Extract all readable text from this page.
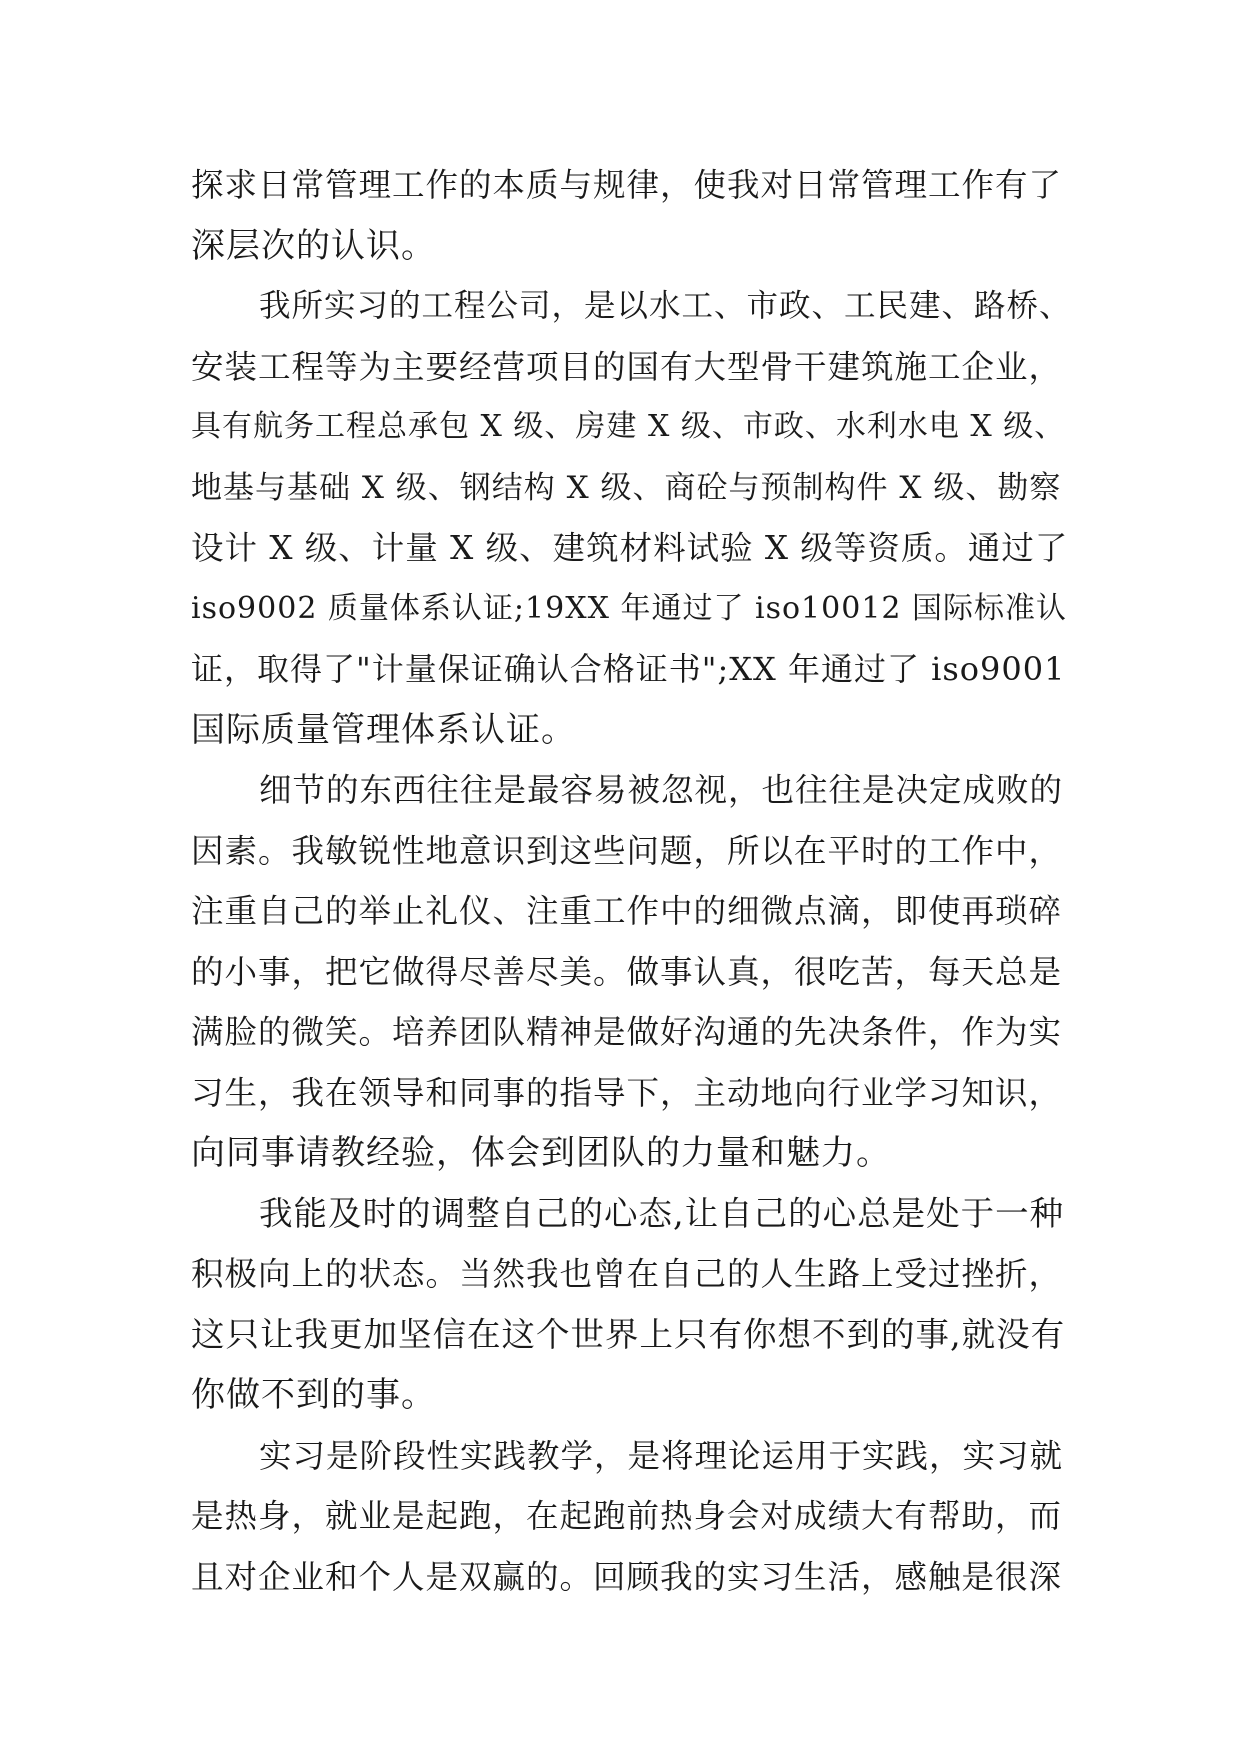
探求日常管理工作的本质与规律，使我对日常管理工作有了
深层次的认识。
我所实习的工程公司，是以水工、市政、工民建、路桥、
安装工程等为主要经营项目的国有大型骨干建筑施工企业，
具有航务工程总承包 X 级、房建 X 级、市政、水利水电 X 级、
地基与基础 X 级、钢结构 X 级、商砼与预制构件 X 级、勘察
设计 X 级、计量 X 级、建筑材料试验 X 级等资质。通过了
iso9002 质量体系认证;19XX 年通过了 iso10012 国际标准认
证，取得了"计量保证确认合格证书";XX 年通过了 iso9001
国际质量管理体系认证。
细节的东西往往是最容易被忽视，也往往是决定成败的
因素。我敏锐性地意识到这些问题，所以在平时的工作中，
注重自己的举止礼仪、注重工作中的细微点滴，即使再琐碎
的小事，把它做得尽善尽美。做事认真，很吃苦，每天总是
满脸的微笑。培养团队精神是做好沟通的先决条件，作为实
习生，我在领导和同事的指导下，主动地向行业学习知识，
向同事请教经验，体会到团队的力量和魅力。
我能及时的调整自己的心态,让自己的心总是处于一种
积极向上的状态。当然我也曾在自己的人生路上受过挫折，
这只让我更加坚信在这个世界上只有你想不到的事,就没有
你做不到的事。
实习是阶段性实践教学，是将理论运用于实践，实习就
是热身，就业是起跑，在起跑前热身会对成绩大有帮助，而
且对企业和个人是双赢的。回顾我的实习生活，感触是很深
